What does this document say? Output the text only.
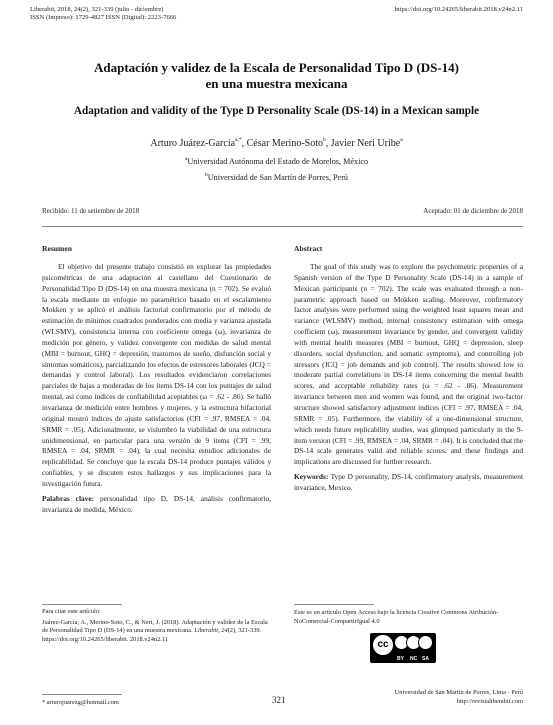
Liberabit, 2018, 24(2), 321-339 (julio - diciembre)
ISSN (Impreso): 1729-4827 ISSN (Digital): 2223-7666
https://doi.org/10.24265/liberabit.2018.v24n2.11
Adaptación y validez de la Escala de Personalidad Tipo D (DS-14)
en una muestra mexicana
Adaptation and validity of the Type D Personality Scale (DS-14) in a Mexican sample
Arturo Juárez-García$^{a,*}$, César Merino-Soto$^b$, Javier Neri Uribe$^a$
$^a$Universidad Autónoma del Estado de Morelos, México
$^b$Universidad de San Martín de Porres, Perú
Recibido: 11 de setiembre de 2018	Aceptado: 01 de diciembre de 2018
Resumen

El objetivo del presente trabajo consistió en explorar las propiedades psicométricas de una adaptación al castellano del Cuestionario de Personalidad Tipo D (DS-14) en una muestra mexicana (n = 702). Se evaluó la escala mediante un enfoque no paramétrico basado en el escalamiento Mokken y se aplicó el análisis factorial confirmatorio por el método de estimación de mínimos cuadrados ponderados con media y varianza ajustada (WLSMV), consistencia interna con coeficiente omega (ω), invarianza de medición por género, y validez convergente con medidas de salud mental (MBI = burnout, GHQ = depresión, trastornos de sueño, disfunción social y síntomas somáticos), parcializando los efectos de estresores laborales (JCQ = demandas y control laboral). Los resultados evidenciaron correlaciones parciales de bajas a moderadas de los ítems DS-14 con los puntajes de salud mental, así como índices de confiabilidad aceptables (ω = .62 - .86). Se halló invarianza de medición entre hombres y mujeres, y la estructura bifactorial original mostró índices de ajuste satisfactorios (CFI = .97, RMSEA = .04, SRMR = .05). Adicionalmente, se vislumbró la viabilidad de una estructura unidimensional, en particular para una versión de 9 ítems (CFI = .99, RMSEA = .04, SRMR = .04), la cual necesita estudios adicionales de replicabilidad. Se concluye que la escala DS-14 produce puntajes válidos y confiables, y se discuten estos hallazgos y sus implicaciones para la investigación futura.

Palabras clave: personalidad tipo D, DS-14, análisis confirmatorio, invarianza de medida, México.
Abstract

The goal of this study was to explore the psychometric properties of a Spanish version of the Type D Personality Scale (DS-14) in a sample of Mexican participants (n = 702). The scale was evaluated through a non-parametric approach based on Mokken scaling. Moreover, confirmatory factor analyses were performed using the weighted least squares mean and variance (WLSMV) method, internal consistency estimation with omega coefficient (ω), measurement invariance by gender, and convergent validity with mental health measures (MBI = burnout, GHQ = depression, sleep disorders, social dysfunction, and somatic symptoms), and controlling job stressors (JCQ = job demands and job control). The results showed low to moderate partial correlations in DS-14 items concerning the mental health scores, and acceptable reliability rates (ω = .62 - .86). Measurement invariance between men and women was found, and the original two-factor structure showed satisfactory adjustment indices (CFI = .97, RMSEA = .04, SRMR = .05). Furthermore, the viability of a one-dimensional structure, which needs future replicability studies, was glimpsed particularly in the 9-item version (CFI = .99, RMSEA = .04, SRMR = .04). It is concluded that the DS-14 scale generates valid and reliable scores, and these findings and implications are discussed for further research.

Keywords: Type D personality, DS-14, confirmatory analysis, measurement invariance, Mexico.
Para citar este artículo:
Juárez-García, A., Merino-Soto, C., & Neri, J. (2018). Adaptación y validez de la Escala de Personalidad Tipo D (DS-14) en una muestra mexicana. Liberabit, 24(2), 321-339. https://doi.org/10.24265/liberabit. 2018.v24n2.11
Este es un artículo Open Access bajo la licencia Creative Commons Atribución-NoComercial-CompartirIgual 4.0
cc
BY NC SA
* arturojuarezg@hotmail.com	321
Universidad de San Martín de Porres, Lima - Perú
http://revistaliberabit.com
